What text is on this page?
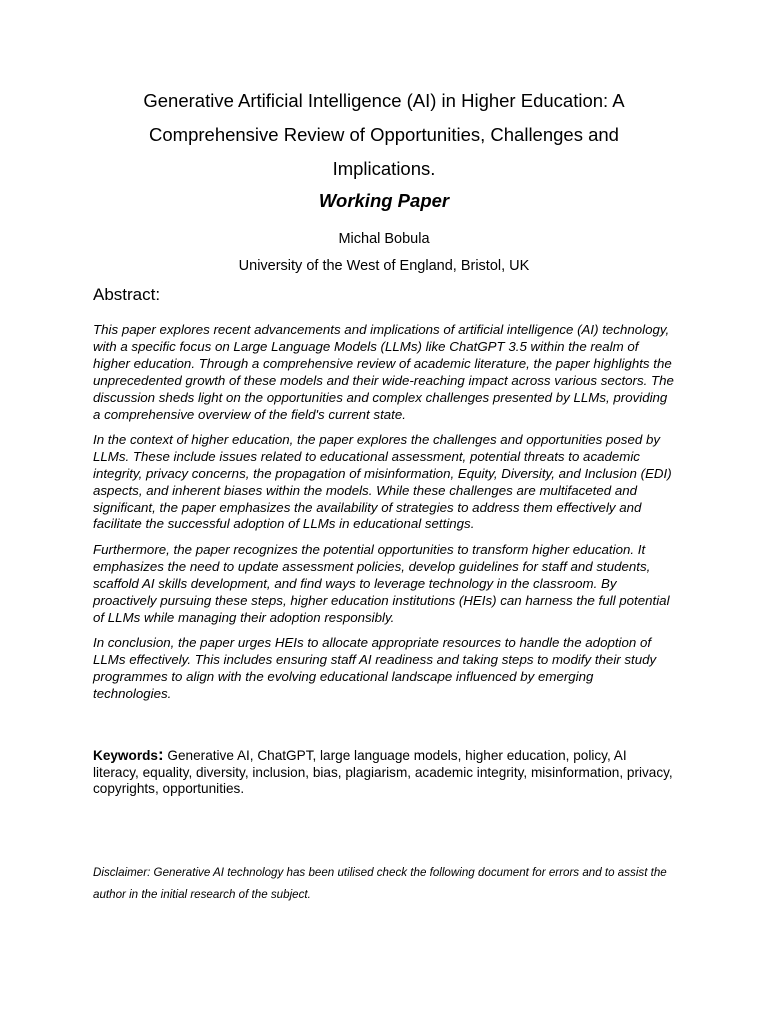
Generative Artificial Intelligence (AI) in Higher Education: A
Comprehensive Review of Opportunities, Challenges and
Implications.
Working Paper
Michal Bobula
University of the West of England, Bristol, UK
Abstract:

This paper explores recent advancements and implications of artificial intelligence (AI) technology, with a specific focus on Large Language Models (LLMs) like ChatGPT 3.5 within the realm of higher education. Through a comprehensive review of academic literature, the paper highlights the unprecedented growth of these models and their wide-reaching impact across various sectors. The discussion sheds light on the opportunities and complex challenges presented by LLMs, providing a comprehensive overview of the field's current state.

In the context of higher education, the paper explores the challenges and opportunities posed by LLMs. These include issues related to educational assessment, potential threats to academic integrity, privacy concerns, the propagation of misinformation, Equity, Diversity, and Inclusion (EDI) aspects, and inherent biases within the models. While these challenges are multifaceted and significant, the paper emphasizes the availability of strategies to address them effectively and facilitate the successful adoption of LLMs in educational settings.

Furthermore, the paper recognizes the potential opportunities to transform higher education. It emphasizes the need to update assessment policies, develop guidelines for staff and students, scaffold AI skills development, and find ways to leverage technology in the classroom. By proactively pursuing these steps, higher education institutions (HEIs) can harness the full potential of LLMs while managing their adoption responsibly.

In conclusion, the paper urges HEIs to allocate appropriate resources to handle the adoption of LLMs effectively. This includes ensuring staff AI readiness and taking steps to modify their study programmes to align with the evolving educational landscape influenced by emerging technologies.

Keywords: Generative AI, ChatGPT, large language models, higher education, policy, AI literacy, equality, diversity, inclusion, bias, plagiarism, academic integrity, misinformation, privacy, copyrights, opportunities.

Disclaimer: Generative AI technology has been utilised check the following document for errors and to assist the author in the initial research of the subject.
